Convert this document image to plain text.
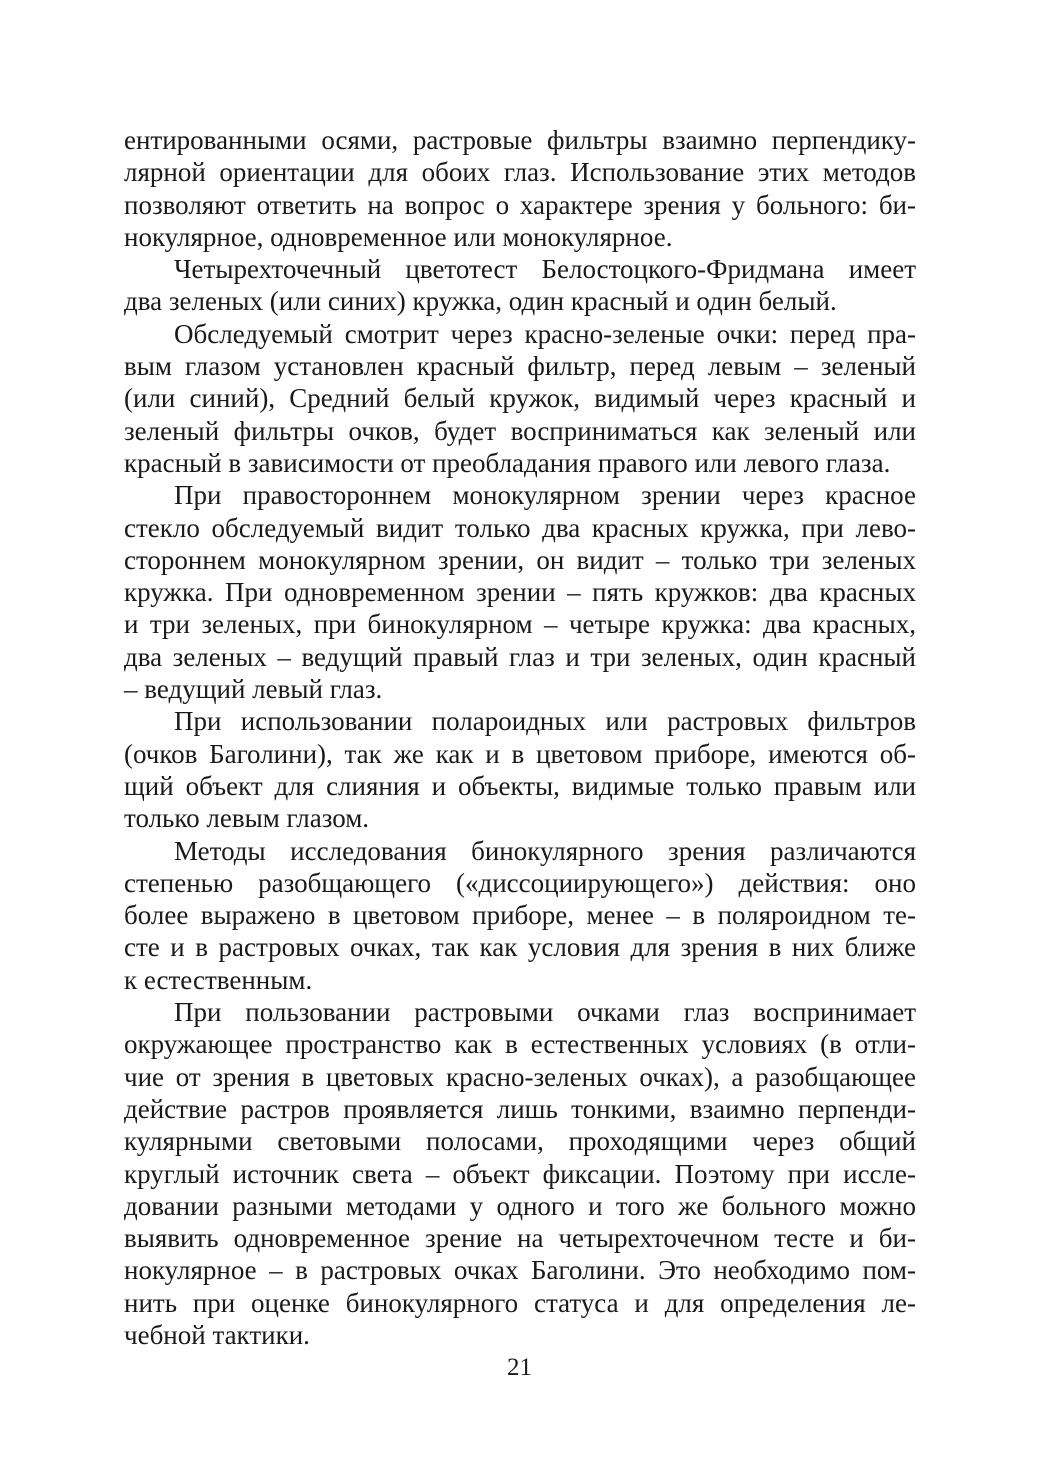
ентированными осями, растровые фильтры взаимно перпендику-
лярной ориентации для обоих глаз. Использование этих методов
позволяют ответить на вопрос о характере зрения у больного: би-
нокулярное, одновременное или монокулярное.
Четырехточечный цветотест Белостоцкого-Фридмана имеет
два зеленых (или синих) кружка, один красный и один белый.
Обследуемый смотрит через красно-зеленые очки: перед пра-
вым глазом установлен красный фильтр, перед левым – зеленый
(или синий), Средний белый кружок, видимый через красный и
зеленый фильтры очков, будет восприниматься как зеленый или
красный в зависимости от преобладания правого или левого глаза.
При правостороннем монокулярном зрении через красное
стекло обследуемый видит только два красных кружка, при лево-
стороннем монокулярном зрении, он видит – только три зеленых
кружка. При одновременном зрении – пять кружков: два красных
и три зеленых, при бинокулярном – четыре кружка: два красных,
два зеленых – ведущий правый глаз и три зеленых, один красный
– ведущий левый глаз.
При использовании полароидных или растровых фильтров
(очков Баголини), так же как и в цветовом приборе, имеются об-
щий объект для слияния и объекты, видимые только правым или
только левым глазом.
Методы исследования бинокулярного зрения различаются
степенью разобщающего («диссоциирующего») действия: оно
более выражено в цветовом приборе, менее – в поляроидном те-
сте и в растровых очках, так как условия для зрения в них ближе
к естественным.
При пользовании растровыми очками глаз воспринимает
окружающее пространство как в естественных условиях (в отли-
чие от зрения в цветовых красно-зеленых очках), а разобщающее
действие растров проявляется лишь тонкими, взаимно перпенди-
кулярными световыми полосами, проходящими через общий
круглый источник света – объект фиксации. Поэтому при иссле-
довании разными методами у одного и того же больного можно
выявить одновременное зрение на четырехточечном тесте и би-
нокулярное – в растровых очках Баголини. Это необходимо пом-
нить при оценке бинокулярного статуса и для определения ле-
чебной тактики.
21
